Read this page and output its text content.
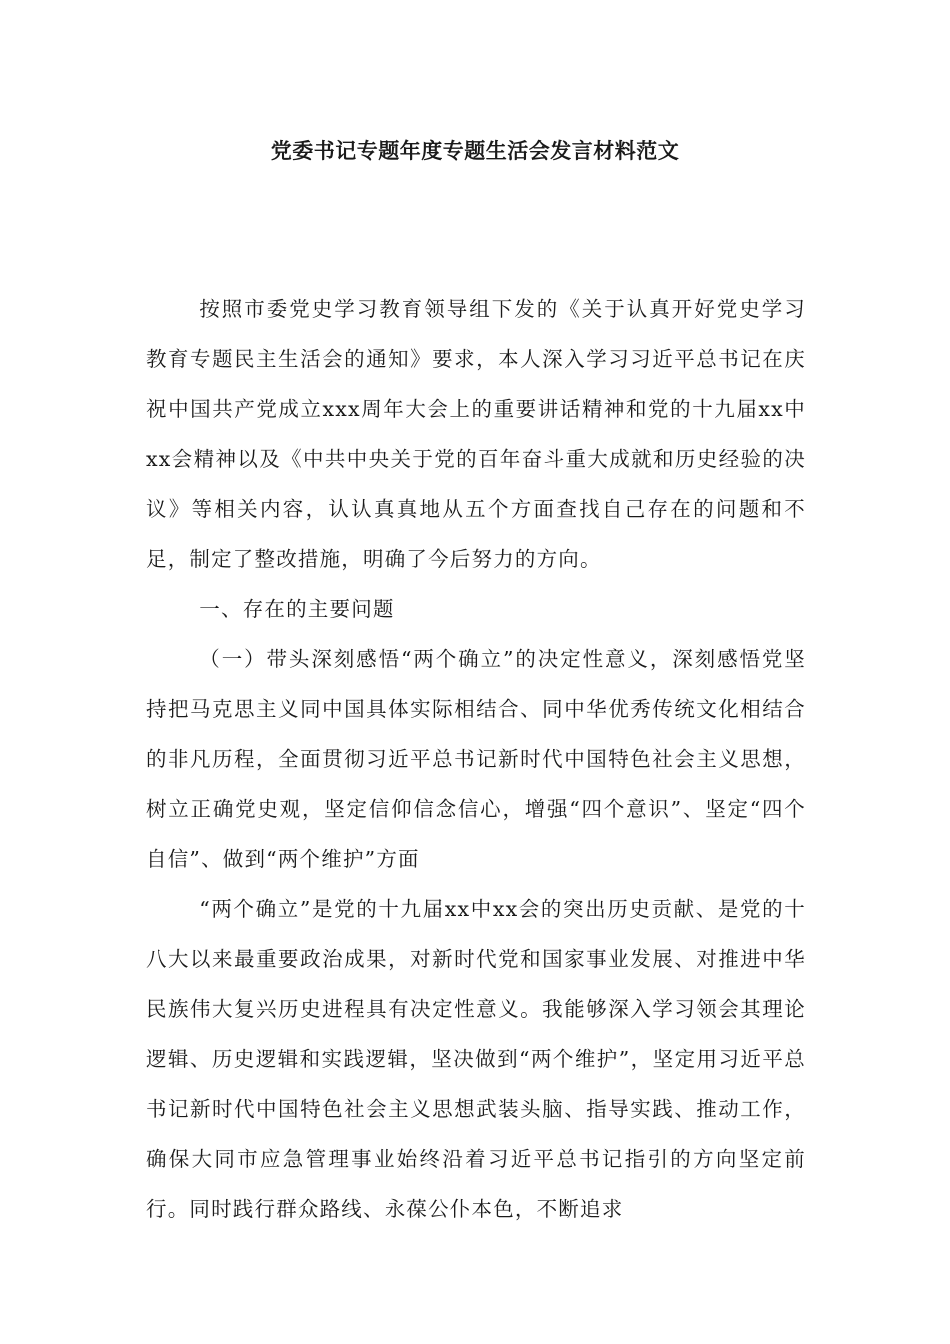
党委书记专题年度专题生活会发言材料范文

按照市委党史学习教育领导组下发的《关于认真开好党史学习教育专题民主生活会的通知》要求，本人深入学习习近平总书记在庆祝中国共产党成立xxx周年大会上的重要讲话精神和党的十九届xx中xx会精神以及《中共中央关于党的百年奋斗重大成就和历史经验的决议》等相关内容，认认真真地从五个方面查找自己存在的问题和不足，制定了整改措施，明确了今后努力的方向。

一、存在的主要问题

（一）带头深刻感悟“两个确立”的决定性意义，深刻感悟党坚持把马克思主义同中国具体实际相结合、同中华优秀传统文化相结合的非凡历程，全面贯彻习近平总书记新时代中国特色社会主义思想，树立正确党史观，坚定信仰信念信心，增强“四个意识”、坚定“四个自信”、做到“两个维护”方面

“两个确立”是党的十九届xx中xx会的突出历史贡献、是党的十八大以来最重要政治成果，对新时代党和国家事业发展、对推进中华民族伟大复兴历史进程具有决定性意义。我能够深入学习领会其理论逻辑、历史逻辑和实践逻辑，坚决做到“两个维护”，坚定用习近平总书记新时代中国特色社会主义思想武装头脑、指导实践、推动工作，确保大同市应急管理事业始终沿着习近平总书记指引的方向坚定前行。同时践行群众路线、永葆公仆本色，不断追求
